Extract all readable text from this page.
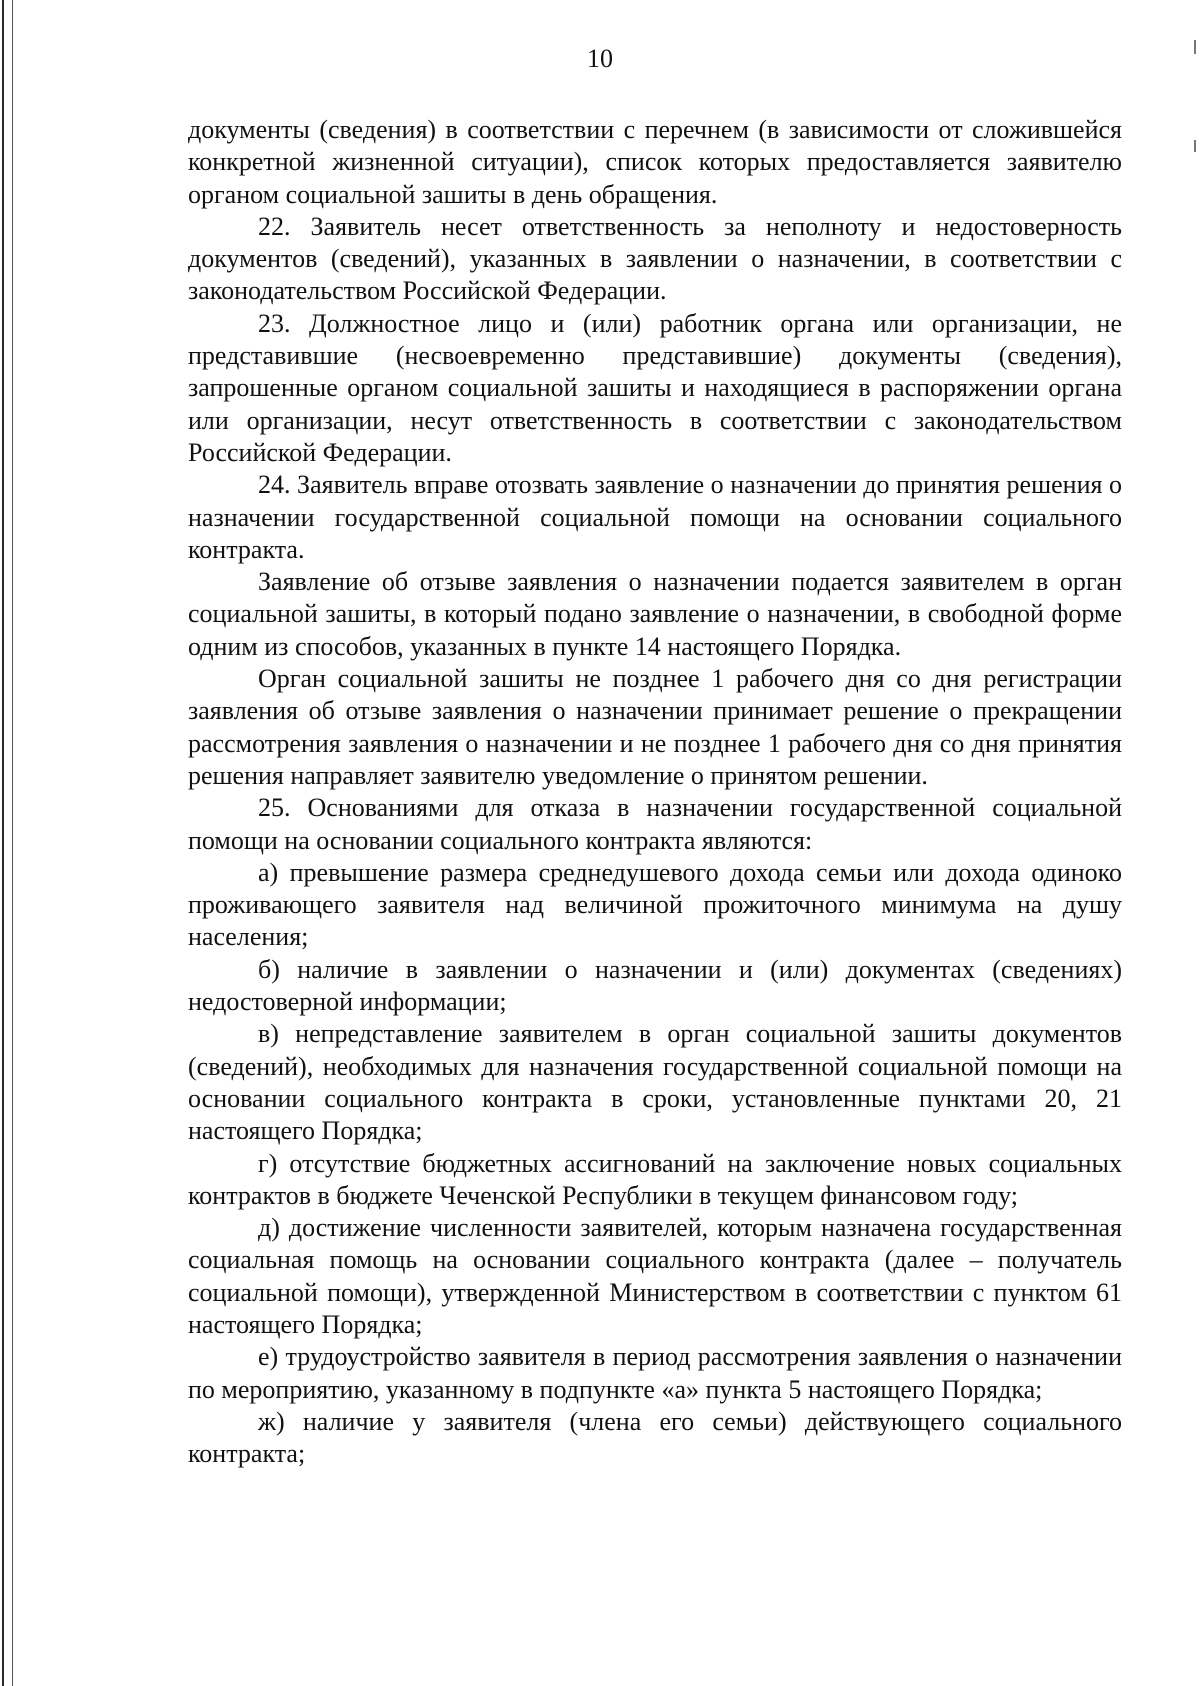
10

документы (сведения) в соответствии с перечнем (в зависимости от сложившейся конкретной жизненной ситуации), список которых предоставляется заявителю органом социальной зашиты в день обращения.

22. Заявитель несет ответственность за неполноту и недостоверность документов (сведений), указанных в заявлении о назначении, в соответствии с законодательством Российской Федерации.

23. Должностное лицо и (или) работник органа или организации, не представившие (несвоевременно представившие) документы (сведения), запрошенные органом социальной зашиты и находящиеся в распоряжении органа или организации, несут ответственность в соответствии с законодательством Российской Федерации.

24. Заявитель вправе отозвать заявление о назначении до принятия решения о назначении государственной социальной помощи на основании социального контракта.

Заявление об отзыве заявления о назначении подается заявителем в орган социальной зашиты, в который подано заявление о назначении, в свободной форме одним из способов, указанных в пункте 14 настоящего Порядка.

Орган социальной зашиты не позднее 1 рабочего дня со дня регистрации заявления об отзыве заявления о назначении принимает решение о прекращении рассмотрения заявления о назначении и не позднее 1 рабочего дня со дня принятия решения направляет заявителю уведомление о принятом решении.

25. Основаниями для отказа в назначении государственной социальной помощи на основании социального контракта являются:

а) превышение размера среднедушевого дохода семьи или дохода одиноко проживающего заявителя над величиной прожиточного минимума на душу населения;

б) наличие в заявлении о назначении и (или) документах (сведениях) недостоверной информации;

в) непредставление заявителем в орган социальной зашиты документов (сведений), необходимых для назначения государственной социальной помощи на основании социального контракта в сроки, установленные пунктами 20, 21 настоящего Порядка;

г) отсутствие бюджетных ассигнований на заключение новых социальных контрактов в бюджете Чеченской Республики в текущем финансовом году;

д) достижение численности заявителей, которым назначена государственная социальная помощь на основании социального контракта (далее – получатель социальной помощи), утвержденной Министерством в соответствии с пунктом 61 настоящего Порядка;

е) трудоустройство заявителя в период рассмотрения заявления о назначении по мероприятию, указанному в подпункте «а» пункта 5 настоящего Порядка;

ж) наличие у заявителя (члена его семьи) действующего социального контракта;
